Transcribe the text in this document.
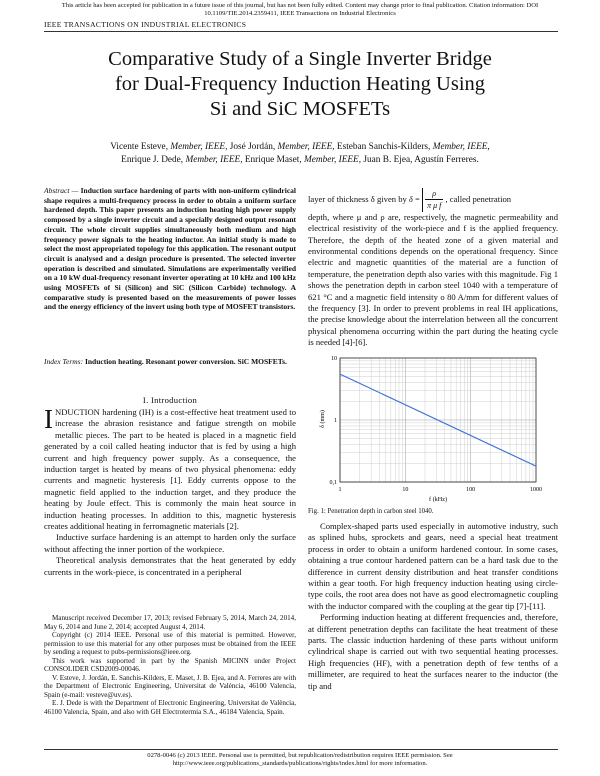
This article has been accepted for publication in a future issue of this journal, but has not been fully edited. Content may change prior to final publication. Citation information: DOI
10.1109/TIE.2014.2359411, IEEE Transactions on Industrial Electronics
IEEE TRANSACTIONS ON INDUSTRIAL ELECTRONICS
Comparative Study of a Single Inverter Bridge
for Dual-Frequency Induction Heating Using
Si and SiC MOSFETs
Vicente Esteve, Member, IEEE, José Jordán, Member, IEEE, Esteban Sanchis-Kilders, Member, IEEE,
Enrique J. Dede, Member, IEEE, Enrique Maset, Member, IEEE, Juan B. Ejea, Agustín Ferreres.
Abstract — Induction surface hardening of parts with non-uniform cylindrical shape requires a multi-frequency process in order to obtain a uniform surface hardened depth. This paper presents an induction heating high power supply composed by a single inverter circuit and a specially designed output resonant circuit. The whole circuit supplies simultaneously both medium and high frequency power signals to the heating inductor. An initial study is made to select the most appropriated topology for this application. The resonant output circuit is analysed and a design procedure is presented. The selected inverter operation is described and simulated. Simulations are experimentally verified on a 10 kW dual-frequency resonant inverter operating at 10 kHz and 100 kHz using MOSFETs of Si (Silicon) and SiC (Silicon Carbide) technology. A comparative study is presented based on the measurements of power losses and the energy efficiency of the invert using both type of MOSFET transistors.
Index Terms: Induction heating. Resonant power conversion. SiC MOSFETs.
I. Introduction

INDUCTION hardening (IH) is a cost-effective heat treatment used to increase the abrasion resistance and fatigue strength on mobile metallic pieces. The part to be heated is placed in a magnetic field generated by a coil called heating inductor that is fed by using a high current and high frequency power supply. As a consequence, the induction target is heated by means of two physical phenomena: eddy currents and magnetic hysteresis [1]. Eddy currents oppose to the magnetic field applied to the induction target, and they produce the heating by Joule effect. This is commonly the main heat source in induction heating processes. In addition to this, magnetic hysteresis creates additional heating in ferromagnetic materials [2].

Inductive surface hardening is an attempt to harden only the surface without affecting the inner portion of the workpiece.

Theoretical analysis demonstrates that the heat generated by eddy currents in the work-piece, is concentrated in a peripheral

Manuscript received December 17, 2013; revised February 5, 2014, March 24, 2014, May 6, 2014 and June 2, 2014; accepted August 4, 2014.

Copyright (c) 2014 IEEE. Personal use of this material is permitted. However, permission to use this material for any other purposes must be obtained from the IEEE by sending a request to pubs-permissions@ieee.org.

This work was supported in part by the Spanish MICINN under Project CONSOLIDER CSD2009-00046.

V. Esteve, J. Jordán, E. Sanchis-Kilders, E. Maset, J. B. Ejea, and A. Ferreres are with the Department of Electronic Engineering, Universitat de València, 46100 Valencia, Spain (e-mail: vesteve@uv.es).

E. J. Dede is with the Department of Electronic Engineering, Universitat de València, 46100 Valencia, Spain, and also with GH Electrotermia S.A., 46184 Valencia, Spain.

layer of thickness δ given by $\delta = \frac{\rho}{\text{π μ f}}$ , called penetration
depth, where μ and ρ are, respectively, the magnetic permeability and electrical resistivity of the work-piece and f is the applied frequency. Therefore, the depth of the heated zone of a given material and environmental conditions depends on the operational frequency. Since electric and magnetic quantities of the material are a function of temperature, the penetration depth also varies with this magnitude. Fig 1 shows the penetration depth in carbon steel 1040 with a temperature of 621 °C and a magnetic field intensity o 80 A/mm for different values of the frequency [3]. In order to prevent problems in real IH applications, the precise knowledge about the interrelation between all the concurrent physical phenomena occurring within the part during the heating cycle is needed [4]-[6].
1	10	100	1000
10
1
0,1
δ (mm)
f (kHz)
Fig. 1: Penetration depth in carbon steel 1040.

Complex-shaped parts used especially in automotive industry, such as splined hubs, sprockets and gears, need a special heat treatment process in order to obtain a uniform hardened contour. In some cases, obtaining a true contour hardened pattern can be a hard task due to the difference in current density distribution and heat transfer conditions within a gear tooth. For high frequency induction heating using circle-type coils, the root area does not have as good electromagnetic coupling with the inductor compared with the coupling at the gear tip [7]-[11].

Performing induction heating at different frequencies and, therefore, at different penetration depths can facilitate the heat treatment of these parts. The classic induction hardening of these parts without uniform cylindrical shape is carried out with two sequential heating processes. High frequencies (HF), with a penetration depth of few tenths of a millimeter, are required to heat the surfaces nearer to the inductor (the tip and

0278-0046 (c) 2013 IEEE. Personal use is permitted, but republication/redistribution requires IEEE permission. See
http://www.ieee.org/publications_standards/publications/rights/index.html for more information.
